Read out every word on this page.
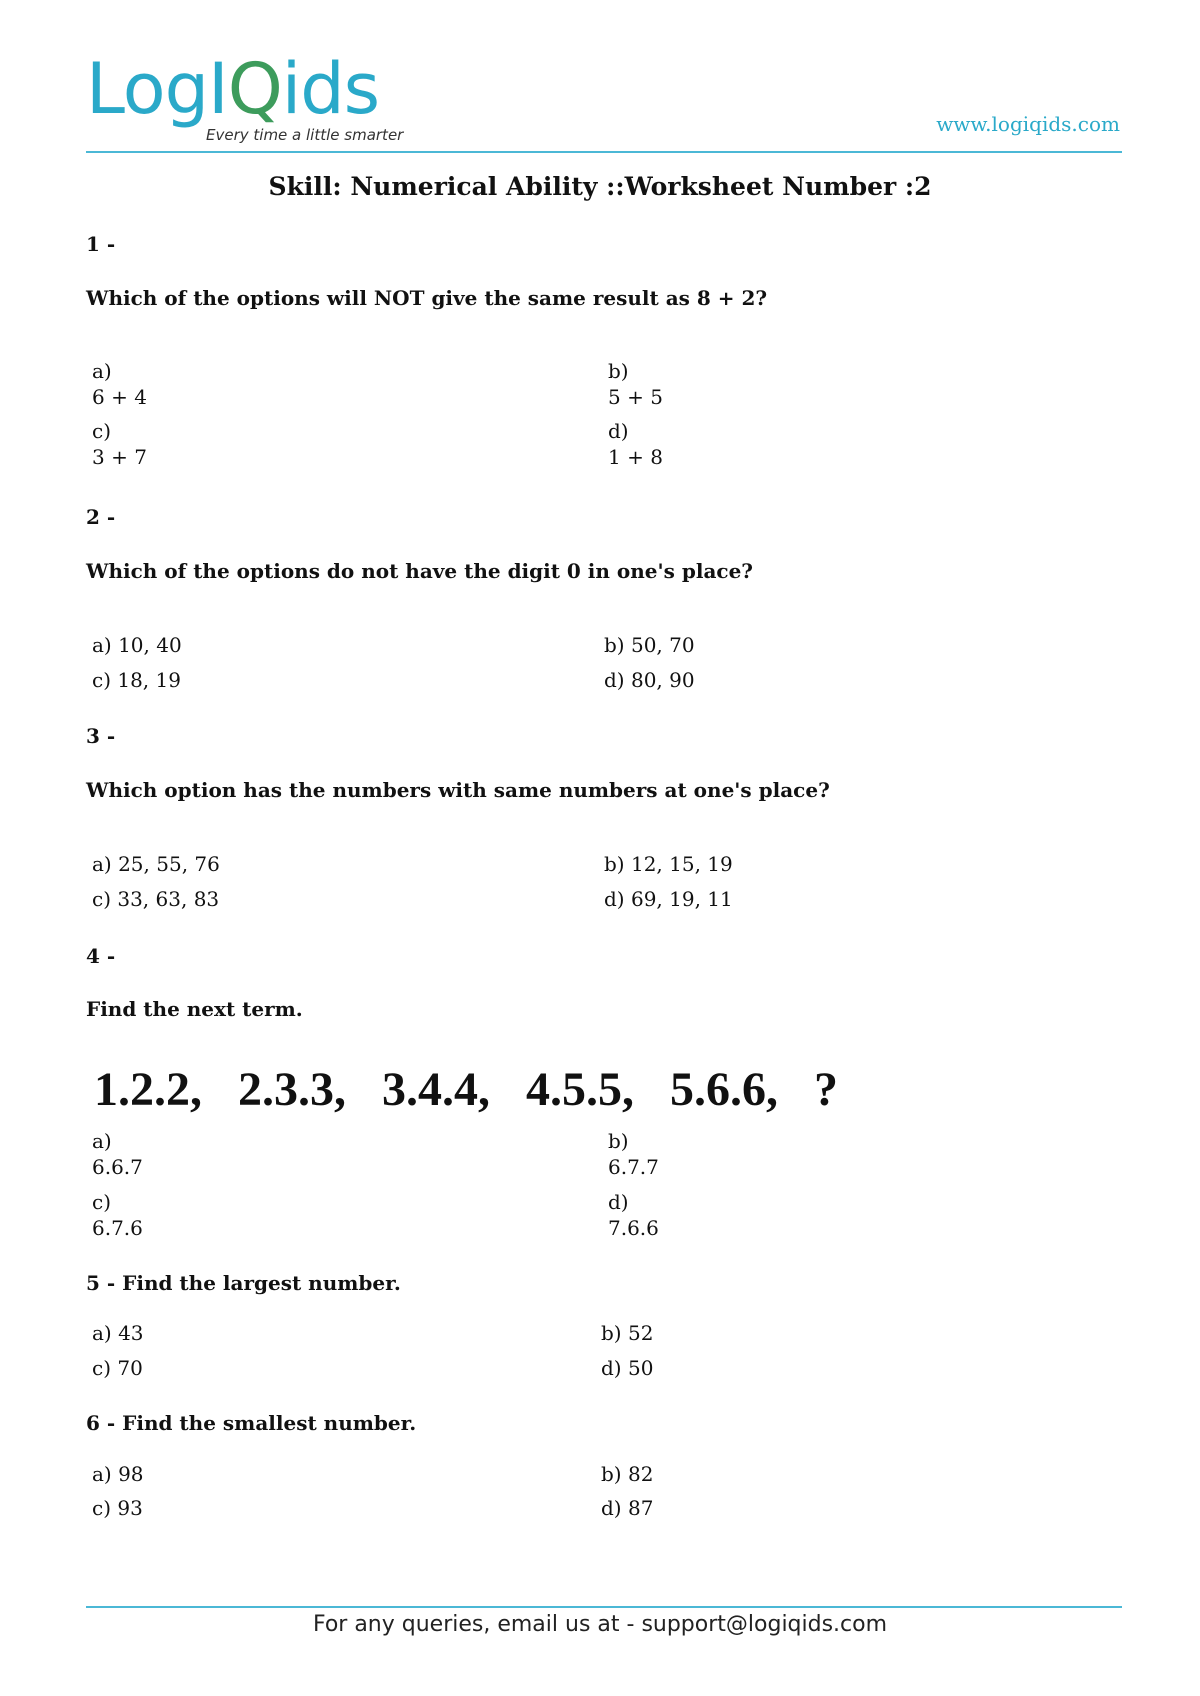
LogIQids
Every time a little smarter	www.logiqids.com
Skill: Numerical Ability ::Worksheet Number :2
1 -
Which of the options will NOT give the same result as 8 + 2?
a)
6 + 4
b)
5 + 5
c)
3 + 7
d)
1 + 8
2 -
Which of the options do not have the digit 0 in one's place?
a) 10, 40	b) 50, 70
c) 18, 19	d) 80, 90
3 -
Which option has the numbers with same numbers at one's place?
a) 25, 55, 76	b) 12, 15, 19
c) 33, 63, 83	d) 69, 19, 11
4 -
Find the next term.
1.2.2,   2.3.3,   3.4.4,   4.5.5,   5.6.6,   ?
a)
6.6.7
b)
6.7.7
c)
6.7.6
d)
7.6.6
5 - Find the largest number.
a) 43	b) 52
c) 70	d) 50
6 - Find the smallest number.
a) 98	b) 82
c) 93	d) 87
For any queries, email us at - support@logiqids.com
